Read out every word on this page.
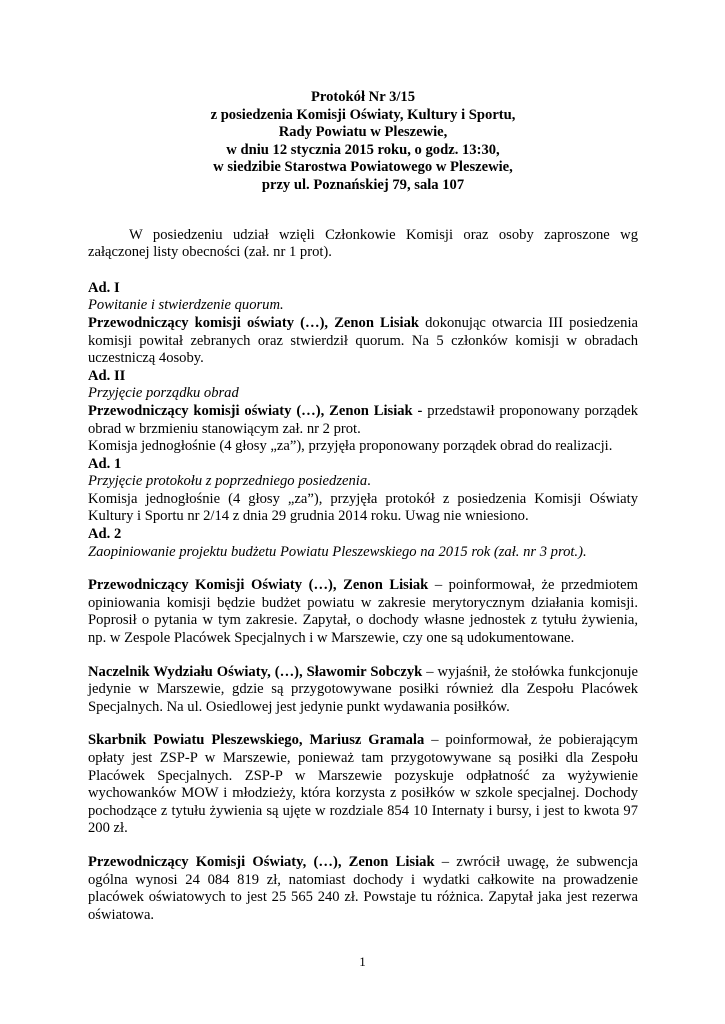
Protokół Nr 3/15
z posiedzenia Komisji Oświaty, Kultury i Sportu,
Rady Powiatu w Pleszewie,
w dniu 12 stycznia 2015 roku, o godz. 13:30,
w siedzibie Starostwa Powiatowego w Pleszewie,
przy ul. Poznańskiej 79, sala 107

W posiedzeniu udział wzięli Członkowie Komisji oraz osoby zaproszone wg załączonej listy obecności (zał. nr 1 prot).

Ad. I
Powitanie i stwierdzenie quorum.

Przewodniczący komisji oświaty (…), Zenon Lisiak dokonując otwarcia III posiedzenia komisji powitał zebranych oraz stwierdził quorum. Na 5 członków komisji w obradach uczestniczą 4osoby.

Ad. II
Przyjęcie porządku obrad

Przewodniczący komisji oświaty (…), Zenon Lisiak - przedstawił proponowany porządek obrad w brzmieniu stanowiącym zał. nr 2 prot.

Komisja jednogłośnie (4 głosy „za”), przyjęła proponowany porządek obrad do realizacji.
Ad. 1
Przyjęcie protokołu z poprzedniego posiedzenia.

Komisja jednogłośnie (4 głosy „za”), przyjęła protokół z posiedzenia Komisji Oświaty Kultury i Sportu nr 2/14 z dnia 29 grudnia 2014 roku. Uwag nie wniesiono.

Ad. 2
Zaopiniowanie projektu budżetu Powiatu Pleszewskiego na 2015 rok (zał. nr 3 prot.).

Przewodniczący Komisji Oświaty (…), Zenon Lisiak – poinformował, że przedmiotem opiniowania komisji będzie budżet powiatu w zakresie merytorycznym działania komisji. Poprosił o pytania w tym zakresie. Zapytał, o dochody własne jednostek z tytułu żywienia, np. w Zespole Placówek Specjalnych i w Marszewie, czy one są udokumentowane.

Naczelnik Wydziału Oświaty, (…), Sławomir Sobczyk – wyjaśnił, że stołówka funkcjonuje jedynie w Marszewie, gdzie są przygotowywane posiłki również dla Zespołu Placówek Specjalnych. Na ul. Osiedlowej jest jedynie punkt wydawania posiłków.

Skarbnik Powiatu Pleszewskiego, Mariusz Gramala – poinformował, że pobierającym opłaty jest ZSP-P w Marszewie, ponieważ tam przygotowywane są posiłki dla Zespołu Placówek Specjalnych. ZSP-P w Marszewie pozyskuje odpłatność za wyżywienie wychowanków MOW i młodzieży, która korzysta z posiłków w szkole specjalnej. Dochody pochodzące z tytułu żywienia są ujęte w rozdziale 854 10 Internaty i bursy, i jest to kwota 97 200 zł.

Przewodniczący Komisji Oświaty, (…), Zenon Lisiak – zwrócił uwagę, że subwencja ogólna wynosi 24 084 819 zł, natomiast dochody i wydatki całkowite na prowadzenie placówek oświatowych to jest 25 565 240 zł. Powstaje tu różnica. Zapytał jaka jest rezerwa oświatowa.

1
